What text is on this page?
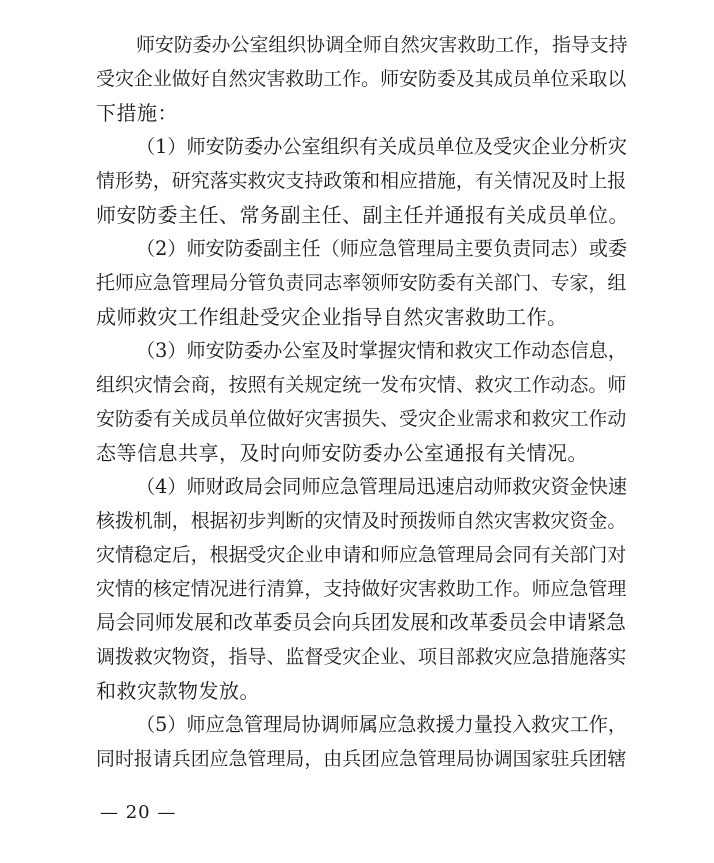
师安防委办公室组织协调全师自然灾害救助工作，指导支持
受灾企业做好自然灾害救助工作。师安防委及其成员单位采取以
下措施：
（1）师安防委办公室组织有关成员单位及受灾企业分析灾
情形势，研究落实救灾支持政策和相应措施，有关情况及时上报
师安防委主任、常务副主任、副主任并通报有关成员单位。
（2）师安防委副主任（师应急管理局主要负责同志）或委
托师应急管理局分管负责同志率领师安防委有关部门、专家，组
成师救灾工作组赴受灾企业指导自然灾害救助工作。
（3）师安防委办公室及时掌握灾情和救灾工作动态信息，
组织灾情会商，按照有关规定统一发布灾情、救灾工作动态。师
安防委有关成员单位做好灾害损失、受灾企业需求和救灾工作动
态等信息共享，及时向师安防委办公室通报有关情况。
（4）师财政局会同师应急管理局迅速启动师救灾资金快速
核拨机制，根据初步判断的灾情及时预拨师自然灾害救灾资金。
灾情稳定后，根据受灾企业申请和师应急管理局会同有关部门对
灾情的核定情况进行清算，支持做好灾害救助工作。师应急管理
局会同师发展和改革委员会向兵团发展和改革委员会申请紧急
调拨救灾物资，指导、监督受灾企业、项目部救灾应急措施落实
和救灾款物发放。
（5）师应急管理局协调师属应急救援力量投入救灾工作，
同时报请兵团应急管理局，由兵团应急管理局协调国家驻兵团辖
— 20 —
